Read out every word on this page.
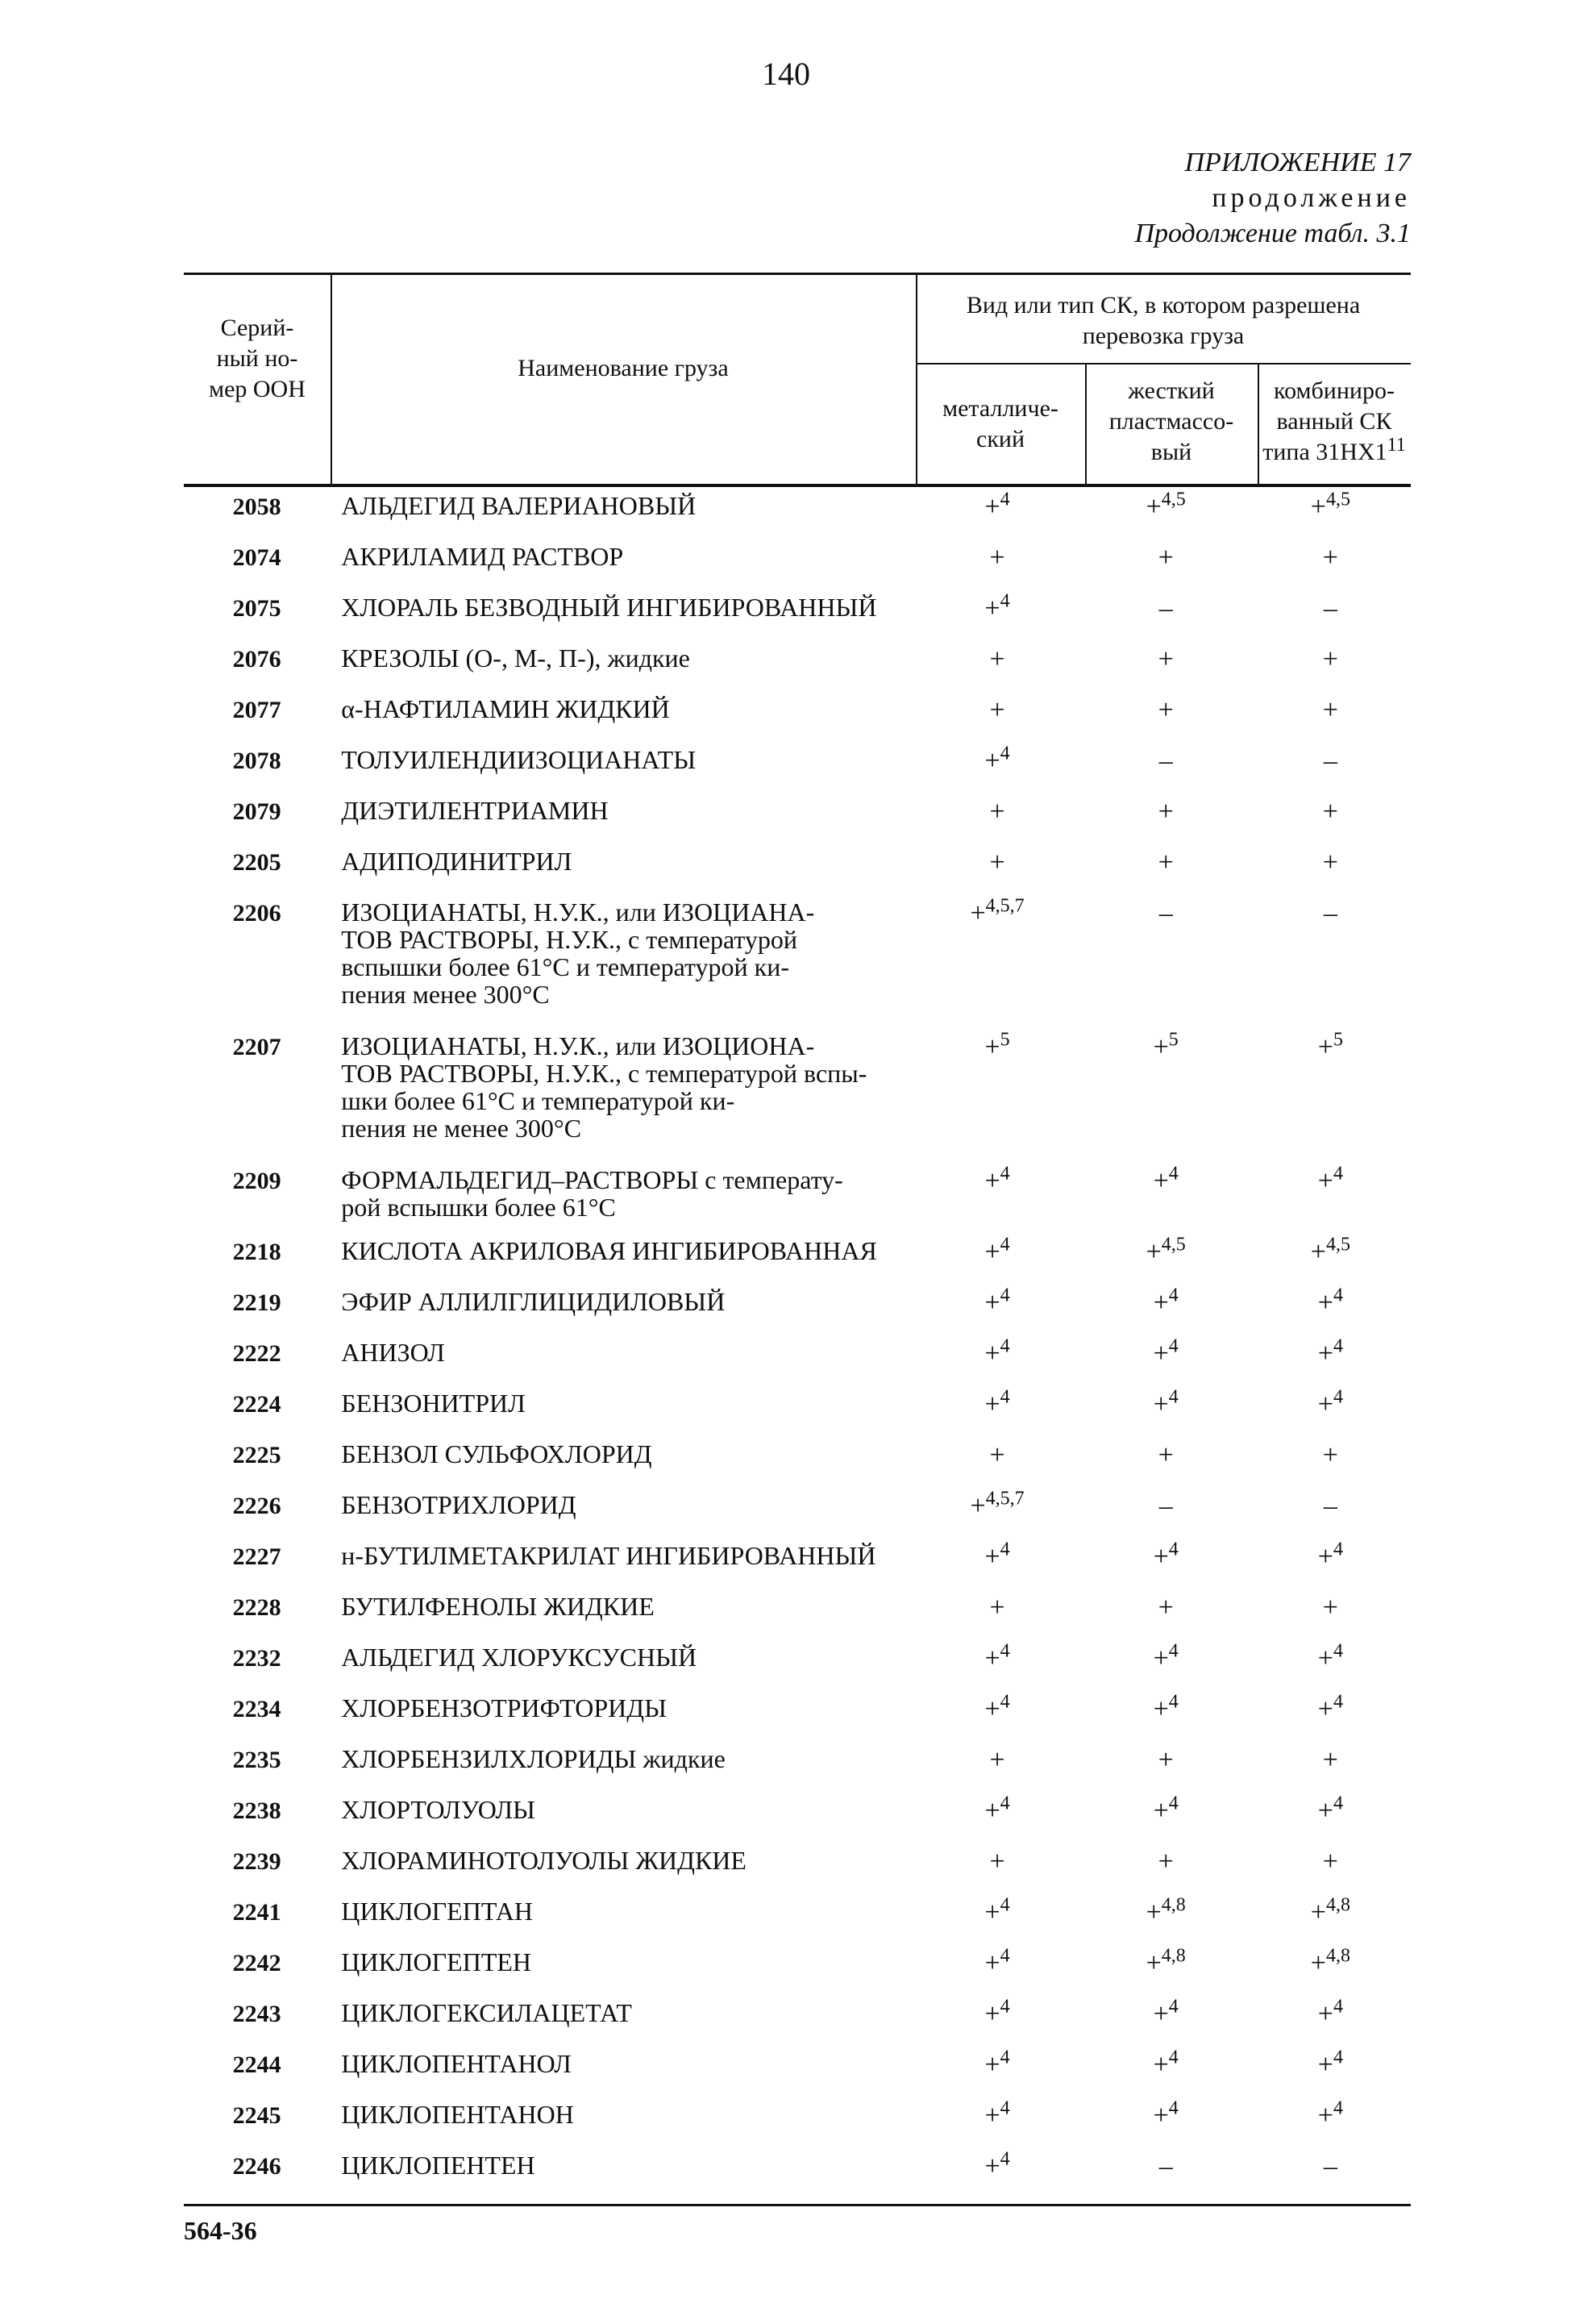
140
ПРИЛОЖЕНИЕ 17
продолжение
Продолжение табл. 3.1
Серий-
ный но-
мер ООН
Наименование груза
Вид или тип СК, в котором разрешена
перевозка груза
металличе-
ский
жесткий
пластмассо-
вый
комбиниро-
ванный СК
типа $31НХ1^{11}$
2058	АЛЬДЕГИД ВАЛЕРИАНОВЫЙ	+$^4$	+$^{4,5}$	+$^{4,5}$
2074	АКРИЛАМИД РАСТВОР	+	+	+
2075	ХЛОРАЛЬ БЕЗВОДНЫЙ ИНГИБИРОВАННЫЙ	+$^4$	–	–
2076	КРЕЗОЛЫ (О-, М-, П-), жидкие	+	+	+
2077	α-НАФТИЛАМИН ЖИДКИЙ	+	+	+
2078	ТОЛУИЛЕНДИИЗОЦИАНАТЫ	+$^4$	–	–
2079	ДИЭТИЛЕНТРИАМИН	+	+	+
2205	АДИПОДИНИТРИЛ	+	+	+
2206	ИЗОЦИАНАТЫ, Н.У.К., или ИЗОЦИАНА-
ТОВ РАСТВОРЫ, Н.У.К., с температурой
вспышки более 61°С и температурой ки-
пения менее 300°С
+$^{4,5,7}$	–	–
2207	ИЗОЦИАНАТЫ, Н.У.К., или ИЗОЦИОНА-
ТОВ РАСТВОРЫ, Н.У.К., с температурой вспы-
шки более 61°С и температурой ки-
пения не менее 300°С
+$^5$	+$^5$	+$^5$
2209	ФОРМАЛЬДЕГИД–РАСТВОРЫ с температу-
рой вспышки более 61°С
+$^4$	+$^4$	+$^4$
2218	КИСЛОТА АКРИЛОВАЯ ИНГИБИРОВАННАЯ	+$^4$	+$^{4,5}$	+$^{4,5}$
2219	ЭФИР АЛЛИЛГЛИЦИДИЛОВЫЙ	+$^4$	+$^4$	+$^4$
2222	АНИЗОЛ	+$^4$	+$^4$	+$^4$
2224	БЕНЗОНИТРИЛ	+$^4$	+$^4$	+$^4$
2225	БЕНЗОЛ СУЛЬФОХЛОРИД	+	+	+
2226	БЕНЗОТРИХЛОРИД	+$^{4,5,7}$	–	–
2227	н-БУТИЛМЕТАКРИЛАТ ИНГИБИРОВАННЫЙ	+$^4$	+$^4$	+$^4$
2228	БУТИЛФЕНОЛЫ ЖИДКИЕ	+	+	+
2232	АЛЬДЕГИД ХЛОРУКСУСНЫЙ	+$^4$	+$^4$	+$^4$
2234	ХЛОРБЕНЗОТРИФТОРИДЫ	+$^4$	+$^4$	+$^4$
2235	ХЛОРБЕНЗИЛХЛОРИДЫ жидкие	+	+	+
2238	ХЛОРТОЛУОЛЫ	+$^4$	+$^4$	+$^4$
2239	ХЛОРАМИНОТОЛУОЛЫ ЖИДКИЕ	+	+	+
2241	ЦИКЛОГЕПТАН	+$^4$	+$^{4,8}$	+$^{4,8}$
2242	ЦИКЛОГЕПТЕН	+$^4$	+$^{4,8}$	+$^{4,8}$
2243	ЦИКЛОГЕКСИЛАЦЕТАТ	+$^4$	+$^4$	+$^4$
2244	ЦИКЛОПЕНТАНОЛ	+$^4$	+$^4$	+$^4$
2245	ЦИКЛОПЕНТАНОН	+$^4$	+$^4$	+$^4$
2246	ЦИКЛОПЕНТЕН	+$^4$	–	–
564-36
